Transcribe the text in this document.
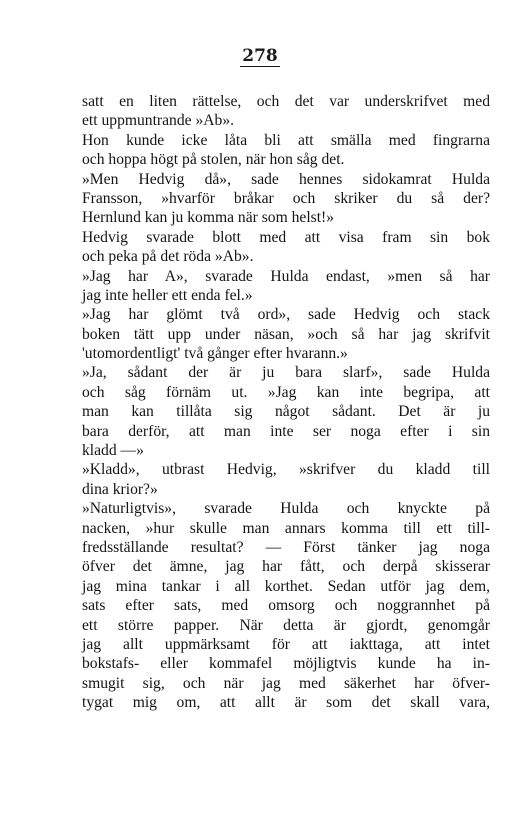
278
satt en liten rättelse, och det var underskrifvet med
ett uppmuntrande »Ab».
Hon kunde icke låta bli att smälla med fingrarna
och hoppa högt på stolen, när hon såg det.
»Men Hedvig då», sade hennes sidokamrat Hulda
Fransson, »hvarför bråkar och skriker du så der?
Hernlund kan ju komma när som helst!»
Hedvig svarade blott med att visa fram sin bok
och peka på det röda »Ab».
»Jag har A», svarade Hulda endast, »men så har
jag inte heller ett enda fel.»
»Jag har glömt två ord», sade Hedvig och stack
boken tätt upp under näsan, »och så har jag skrifvit
'utomordentligt' två gånger efter hvarann.»
»Ja, sådant der är ju bara slarf», sade Hulda
och såg förnäm ut. »Jag kan inte begripa, att
man kan tillåta sig något sådant. Det är ju
bara derför, att man inte ser noga efter i sin
kladd —»
»Kladd», utbrast Hedvig, »skrifver du kladd till
dina krior?»
»Naturligtvis», svarade Hulda och knyckte på
nacken, »hur skulle man annars komma till ett till-
fredsställande resultat? — Först tänker jag noga
öfver det ämne, jag har fått, och derpå skisserar
jag mina tankar i all korthet. Sedan utför jag dem,
sats efter sats, med omsorg och noggrannhet på
ett större papper. När detta är gjordt, genomgår
jag allt uppmärksamt för att iakttaga, att intet
bokstafs- eller kommafel möjligtvis kunde ha in-
smugit sig, och när jag med säkerhet har öfver-
tygat mig om, att allt är som det skall vara,
